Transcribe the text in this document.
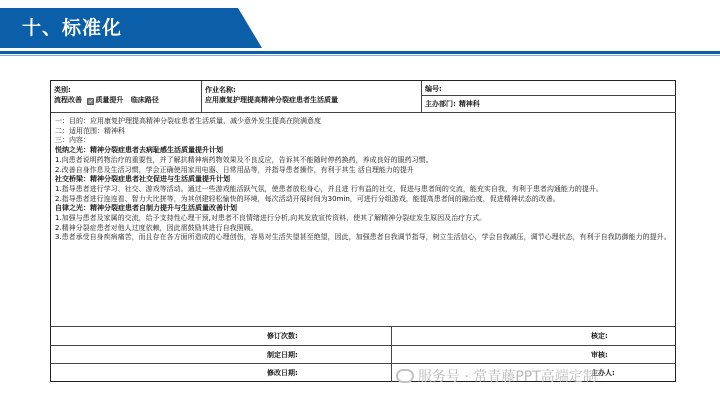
十、标准化
类别:
流程改善 ✓ 质量提升 临床路径
作业名称:
应用康复护理提高精神分裂症患者生活质量
编号:
主办部门: 精神科

一：目的：应用康复护理提高精神分裂症患者生活质量，减少意外发生提高在院满意度

二：适用范围：精神科

三：内容：

悦纳之光：精神分裂症患者去病耻感生活质量提升计划

1.向患者说明药物治疗的重要性，并了解抗精神病药物效果及不良反应，告诉其不能随时停药换药，养成良好的服药习惯。

2.改善自身作息及生活习惯，学会正确使用家用电器、日常用品等，并指导患者操作，有利于其生 活自理能力的提升

社交桥梁：精神分裂症患者社交促进与生活质量提升计划

1.指导患者进行学习、社交、游戏等活动。通过一些游戏能活跃气氛，使患者放松身心，并且进 行有益的社交，促进与患者间的交流，能充实自我，有利于患者沟通能力的提升。

2.指导患者进行连连看、智力大比拼等，为其创建轻松愉快的环境，每次活动开展时间为30min，可进行分组游戏，能提高患者间的融治度，促进精神状态的改善。

自律之光：精神分裂症患者自制力提升与生活质量改善计划

1.加强与患者及家属的交流，给予支持性心理干预,对患者不良情绪进行分析,向其发放宣传资料，使其了解精神分裂症发生原因及治疗方式。

2.精神分裂症患者对他人过度依赖，因此需鼓励其进行自我照顾。

3.患者承受自身疾病痛苦，而且存在各方面所造成的心理创伤，容易对生活失望甚至绝望，因此，加强患者自我调节指导，树立生活信心，学会自我减压，调节心理状态，有利于自我防御能力的提升。

修订次数:
制定日期:
修改日期:
核定:
审核:
主办人:
服务号 · 常青藤PPT高端定制
